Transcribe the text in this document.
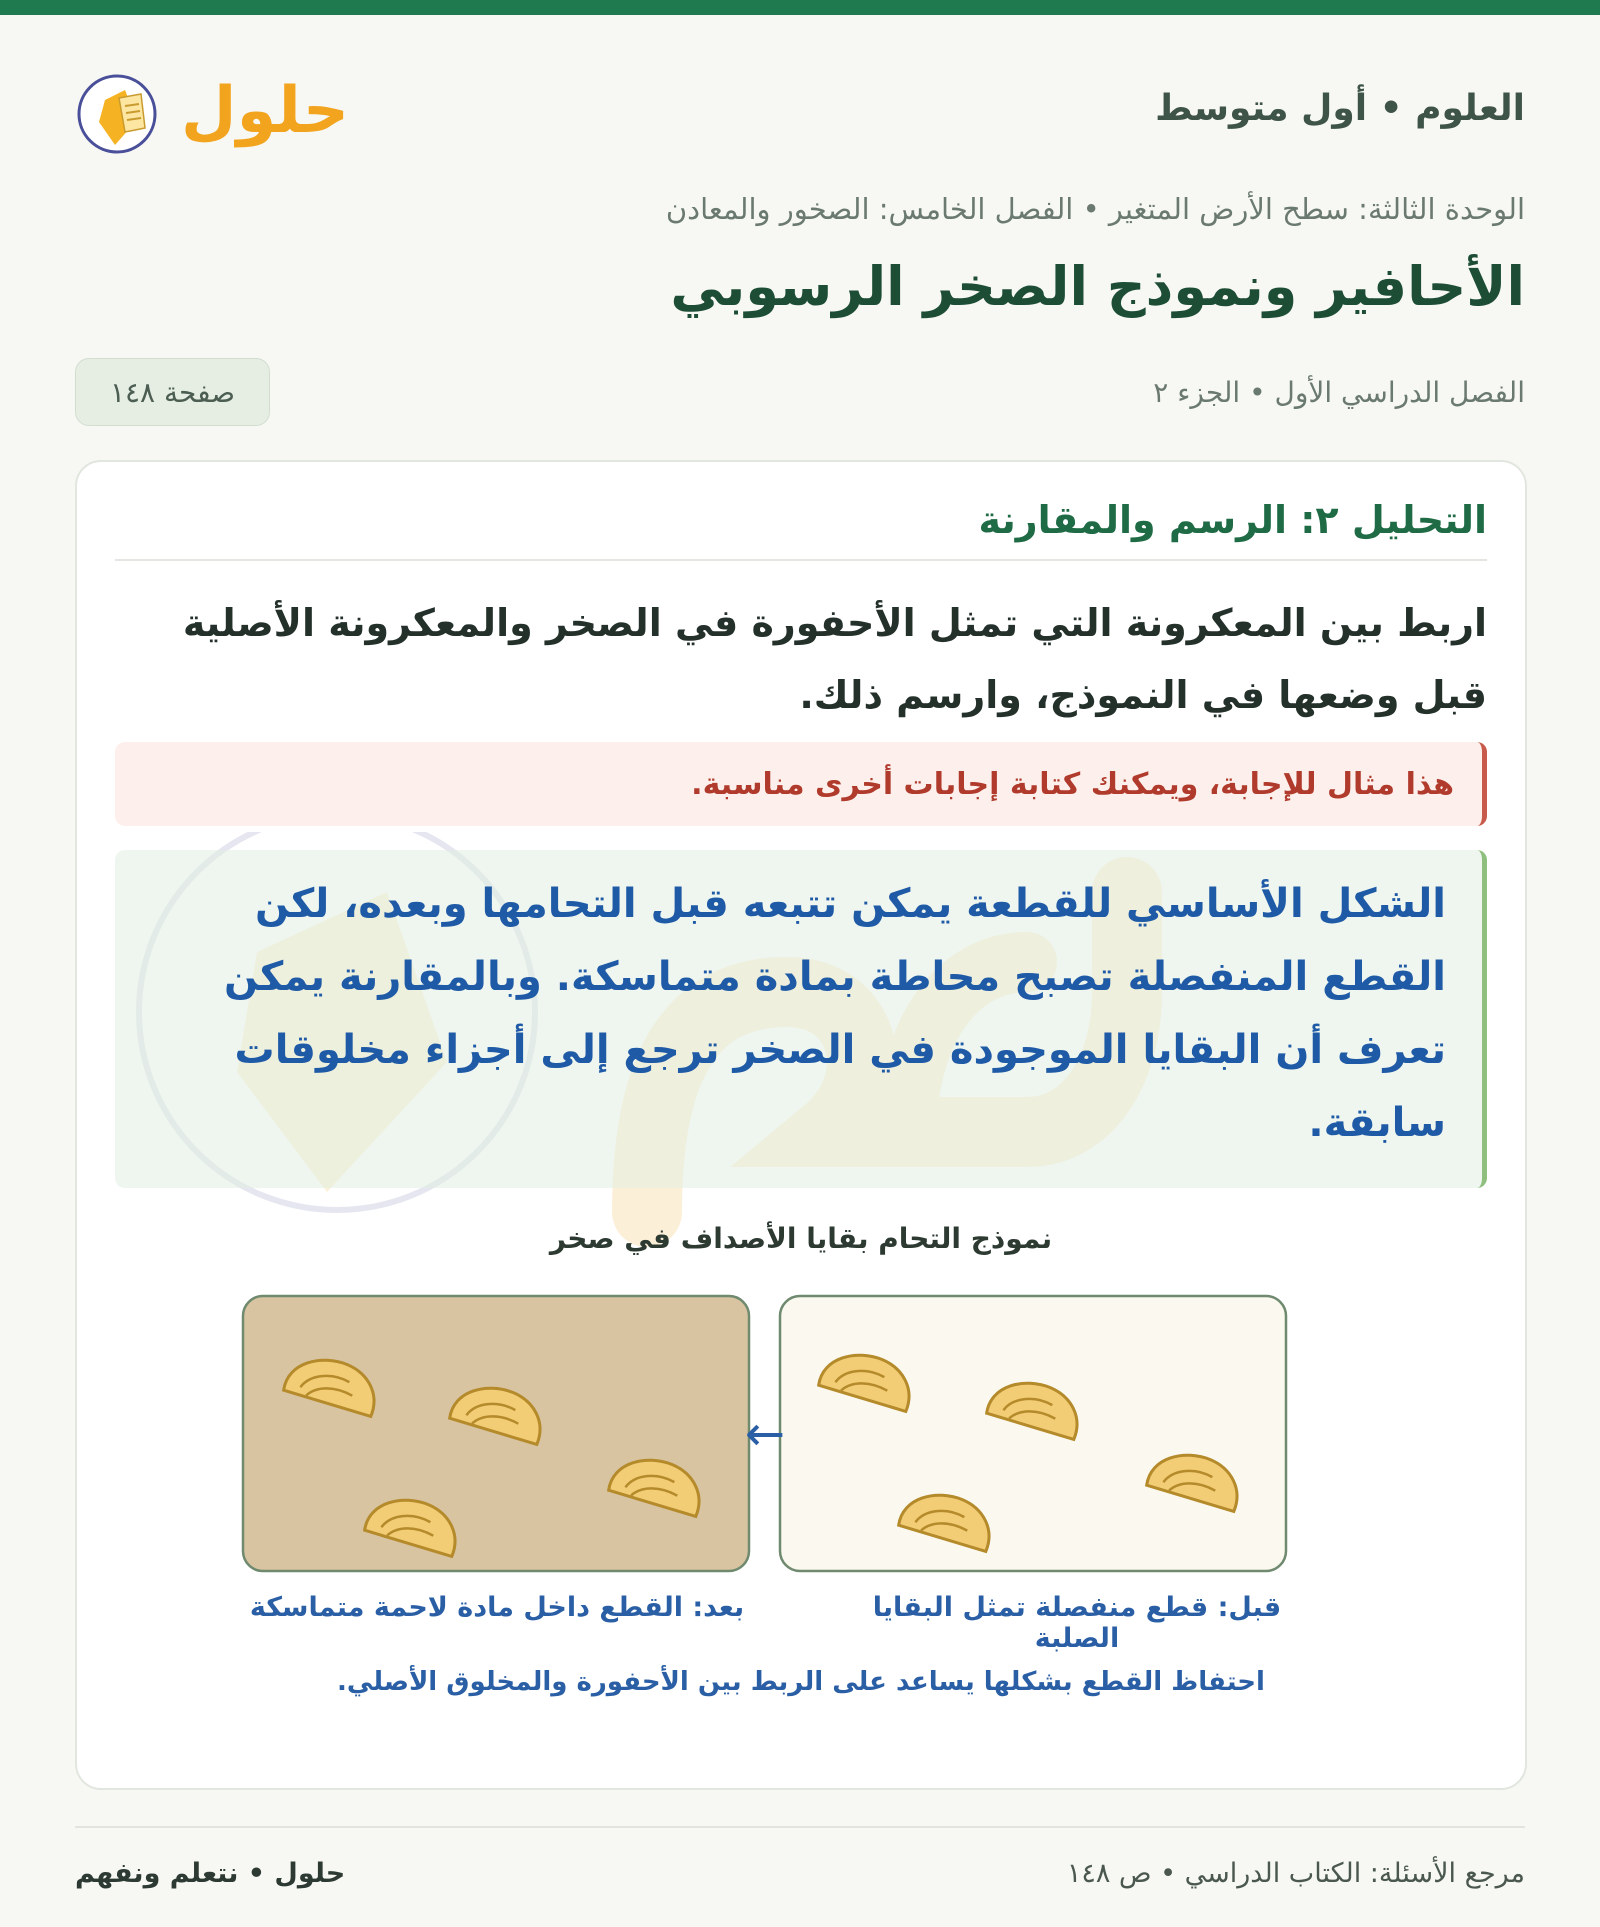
حلول	العلوم • أول متوسط
الوحدة الثالثة: سطح الأرض المتغير • الفصل الخامس: الصخور والمعادن
الأحافير ونموذج الصخر الرسوبي
الفصل الدراسي الأول • الجزء ٢
صفحة ١٤٨
التحليل ٢: الرسم والمقارنة

اربط بين المعكرونة التي تمثل الأحفورة في الصخر والمعكرونة الأصلية قبل وضعها في النموذج، وارسم ذلك.

هذا مثال للإجابة، ويمكنك كتابة إجابات أخرى مناسبة.
الشكل الأساسي للقطعة يمكن تتبعه قبل التحامها وبعده، لكن القطع المنفصلة تصبح محاطة بمادة متماسكة. وبالمقارنة يمكن تعرف أن البقايا الموجودة في الصخر ترجع إلى أجزاء مخلوقات سابقة.
نموذج التحام بقايا الأصداف في صخر
←
قبل: قطع منفصلة تمثل البقايا الصلبة
بعد: القطع داخل مادة لاحمة متماسكة
احتفاظ القطع بشكلها يساعد على الربط بين الأحفورة والمخلوق الأصلي.
حلول • نتعلم ونفهم	مرجع الأسئلة: الكتاب الدراسي • ص ١٤٨
